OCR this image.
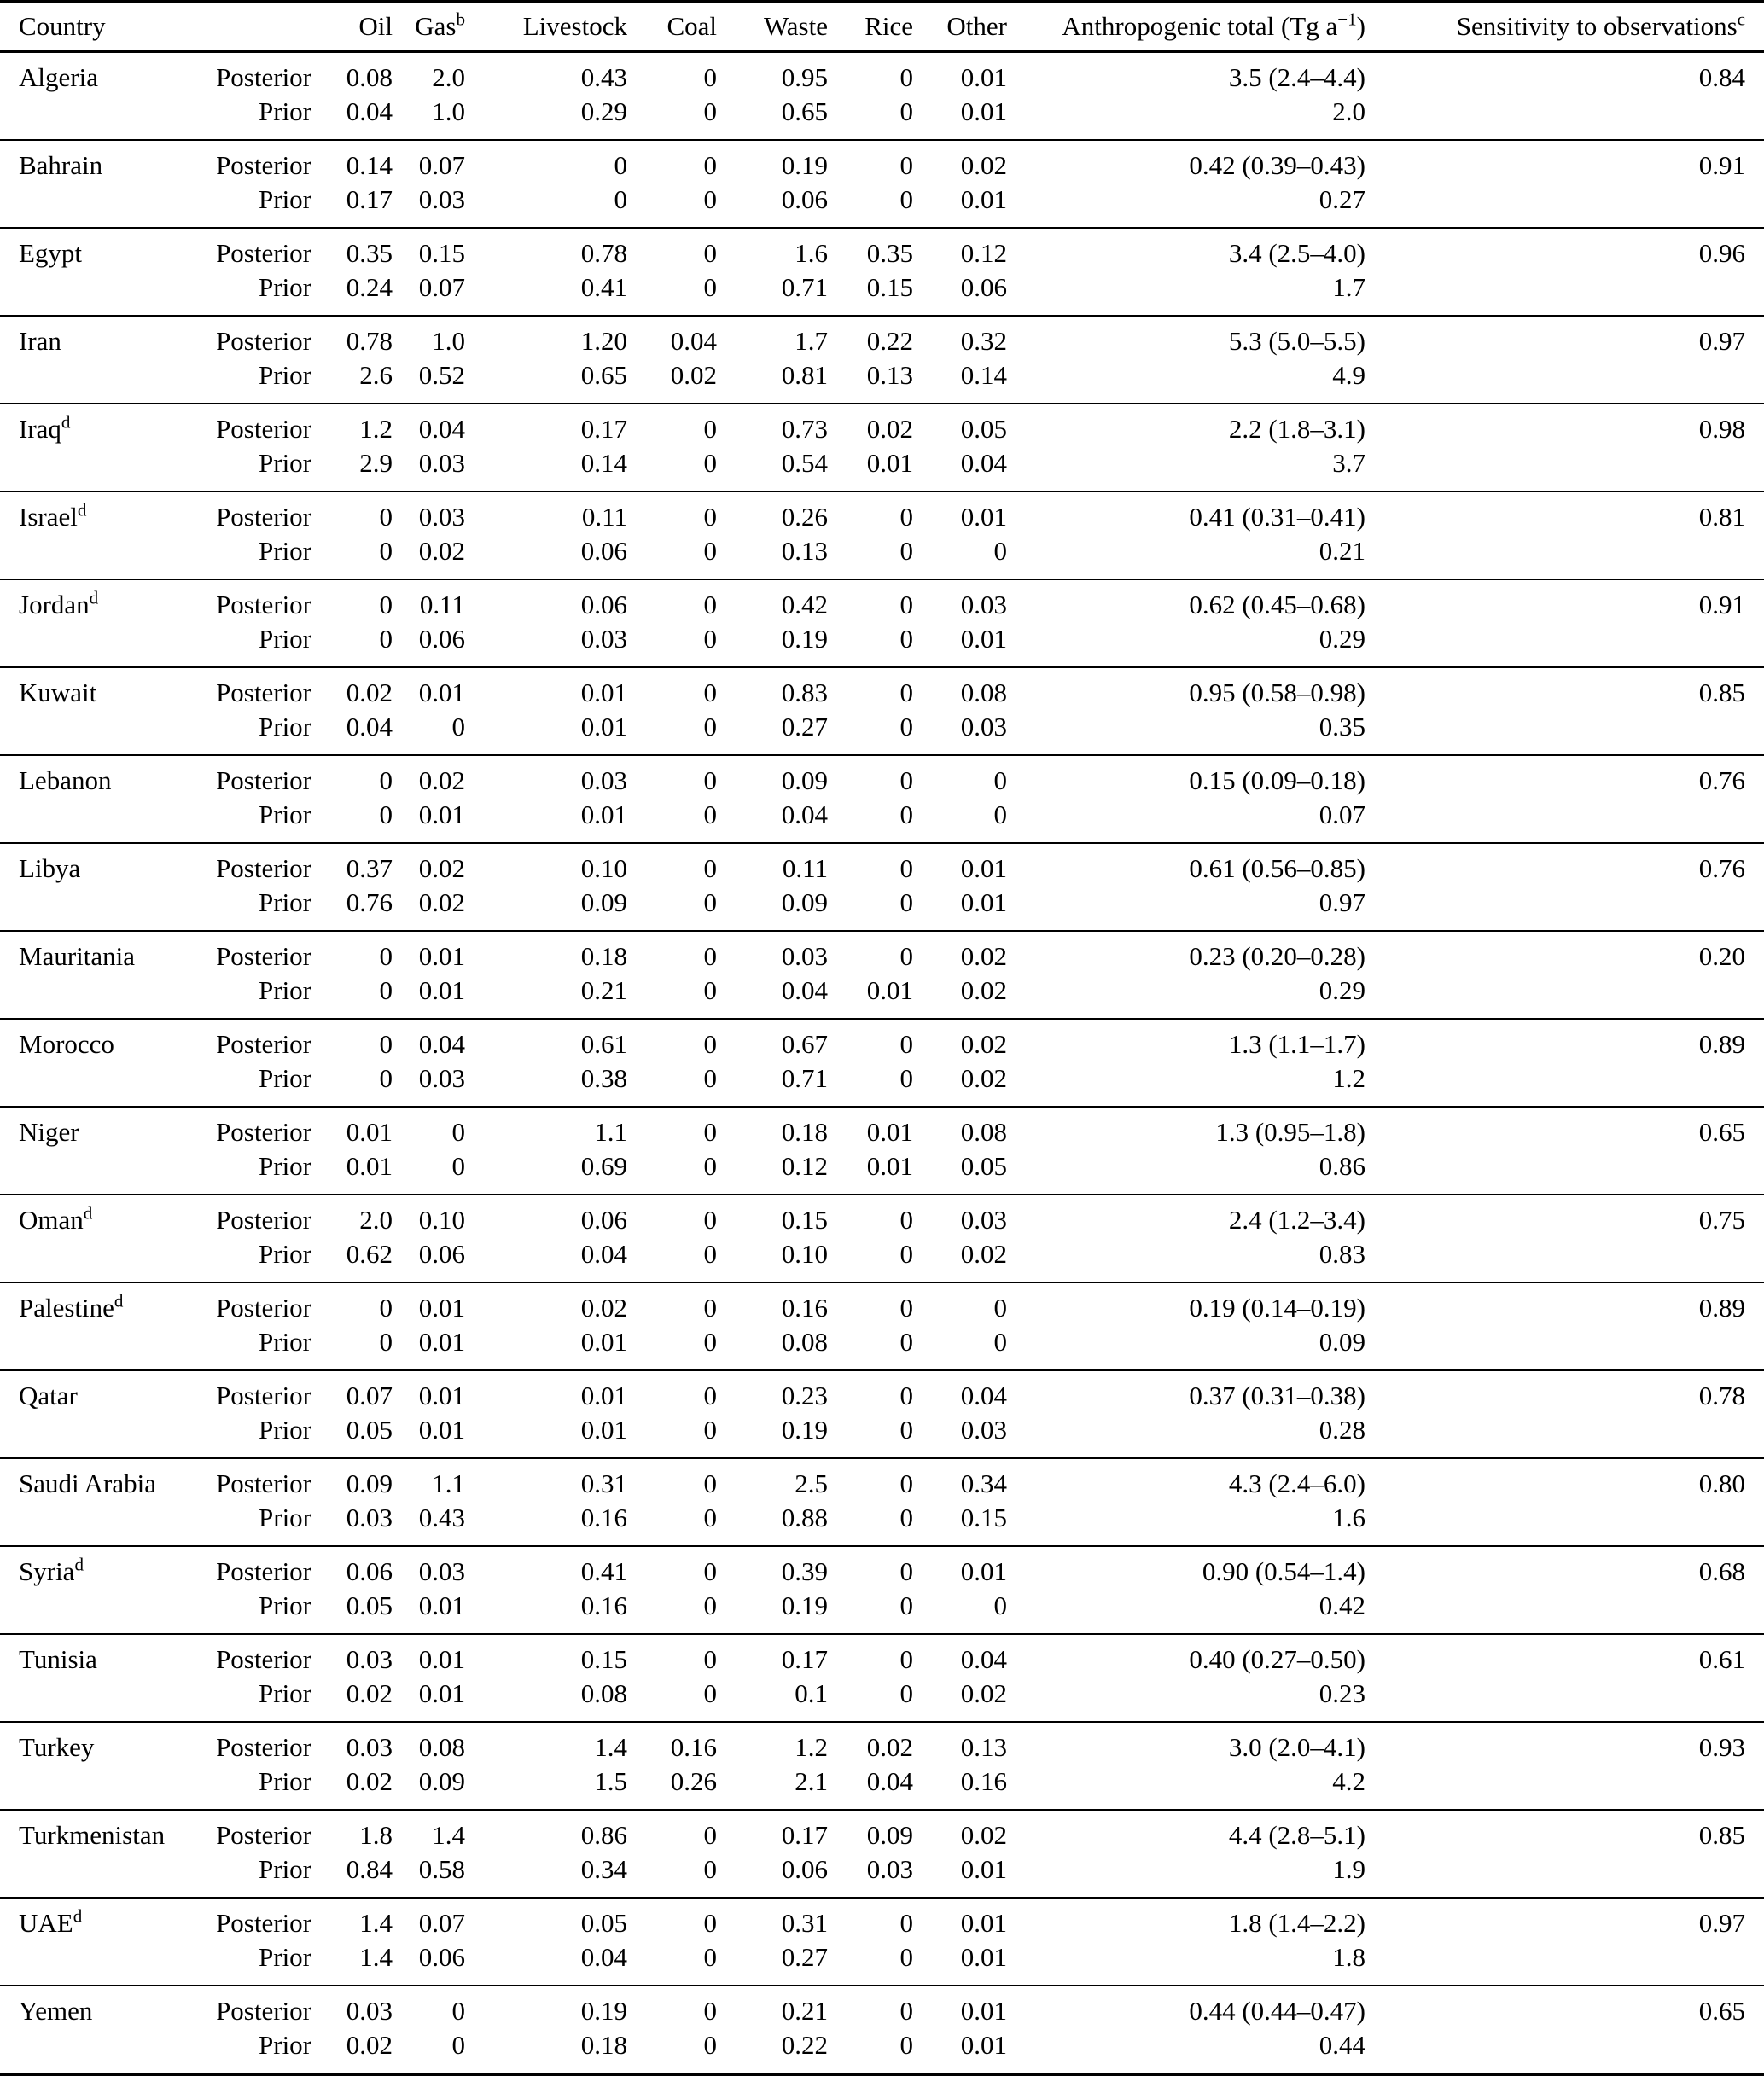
Country		Oil	Gas$^b$	Livestock	Coal	Waste	Rice	Other	Anthropogenic total (Tg $a^{-1}$)	Sensitivity to observations$^c$
Algeria	Posterior	0.08	2.0	0.43	0	0.95	0	0.01	3.5 (2.4–4.4)	0.84
	Prior	0.04	1.0	0.29	0	0.65	0	0.01	2.0	
Bahrain	Posterior	0.14	0.07	0	0	0.19	0	0.02	0.42 (0.39–0.43)	0.91
	Prior	0.17	0.03	0	0	0.06	0	0.01	0.27	
Egypt	Posterior	0.35	0.15	0.78	0	1.6	0.35	0.12	3.4 (2.5–4.0)	0.96
	Prior	0.24	0.07	0.41	0	0.71	0.15	0.06	1.7	
Iran	Posterior	0.78	1.0	1.20	0.04	1.7	0.22	0.32	5.3 (5.0–5.5)	0.97
	Prior	2.6	0.52	0.65	0.02	0.81	0.13	0.14	4.9	
Iraq$^d$	Posterior	1.2	0.04	0.17	0	0.73	0.02	0.05	2.2 (1.8–3.1)	0.98
	Prior	2.9	0.03	0.14	0	0.54	0.01	0.04	3.7	
Israel$^d$	Posterior	0	0.03	0.11	0	0.26	0	0.01	0.41 (0.31–0.41)	0.81
	Prior	0	0.02	0.06	0	0.13	0	0	0.21	
Jordan$^d$	Posterior	0	0.11	0.06	0	0.42	0	0.03	0.62 (0.45–0.68)	0.91
	Prior	0	0.06	0.03	0	0.19	0	0.01	0.29	
Kuwait	Posterior	0.02	0.01	0.01	0	0.83	0	0.08	0.95 (0.58–0.98)	0.85
	Prior	0.04	0	0.01	0	0.27	0	0.03	0.35	
Lebanon	Posterior	0	0.02	0.03	0	0.09	0	0	0.15 (0.09–0.18)	0.76
	Prior	0	0.01	0.01	0	0.04	0	0	0.07	
Libya	Posterior	0.37	0.02	0.10	0	0.11	0	0.01	0.61 (0.56–0.85)	0.76
	Prior	0.76	0.02	0.09	0	0.09	0	0.01	0.97	
Mauritania	Posterior	0	0.01	0.18	0	0.03	0	0.02	0.23 (0.20–0.28)	0.20
	Prior	0	0.01	0.21	0	0.04	0.01	0.02	0.29	
Morocco	Posterior	0	0.04	0.61	0	0.67	0	0.02	1.3 (1.1–1.7)	0.89
	Prior	0	0.03	0.38	0	0.71	0	0.02	1.2	
Niger	Posterior	0.01	0	1.1	0	0.18	0.01	0.08	1.3 (0.95–1.8)	0.65
	Prior	0.01	0	0.69	0	0.12	0.01	0.05	0.86	
Oman$^d$	Posterior	2.0	0.10	0.06	0	0.15	0	0.03	2.4 (1.2–3.4)	0.75
	Prior	0.62	0.06	0.04	0	0.10	0	0.02	0.83	
Palestine$^d$	Posterior	0	0.01	0.02	0	0.16	0	0	0.19 (0.14–0.19)	0.89
	Prior	0	0.01	0.01	0	0.08	0	0	0.09	
Qatar	Posterior	0.07	0.01	0.01	0	0.23	0	0.04	0.37 (0.31–0.38)	0.78
	Prior	0.05	0.01	0.01	0	0.19	0	0.03	0.28	
Saudi Arabia	Posterior	0.09	1.1	0.31	0	2.5	0	0.34	4.3 (2.4–6.0)	0.80
	Prior	0.03	0.43	0.16	0	0.88	0	0.15	1.6	
Syria$^d$	Posterior	0.06	0.03	0.41	0	0.39	0	0.01	0.90 (0.54–1.4)	0.68
	Prior	0.05	0.01	0.16	0	0.19	0	0	0.42	
Tunisia	Posterior	0.03	0.01	0.15	0	0.17	0	0.04	0.40 (0.27–0.50)	0.61
	Prior	0.02	0.01	0.08	0	0.1	0	0.02	0.23	
Turkey	Posterior	0.03	0.08	1.4	0.16	1.2	0.02	0.13	3.0 (2.0–4.1)	0.93
	Prior	0.02	0.09	1.5	0.26	2.1	0.04	0.16	4.2	
Turkmenistan	Posterior	1.8	1.4	0.86	0	0.17	0.09	0.02	4.4 (2.8–5.1)	0.85
	Prior	0.84	0.58	0.34	0	0.06	0.03	0.01	1.9	
UAE$^d$	Posterior	1.4	0.07	0.05	0	0.31	0	0.01	1.8 (1.4–2.2)	0.97
	Prior	1.4	0.06	0.04	0	0.27	0	0.01	1.8	
Yemen	Posterior	0.03	0	0.19	0	0.21	0	0.01	0.44 (0.44–0.47)	0.65
	Prior	0.02	0	0.18	0	0.22	0	0.01	0.44	
